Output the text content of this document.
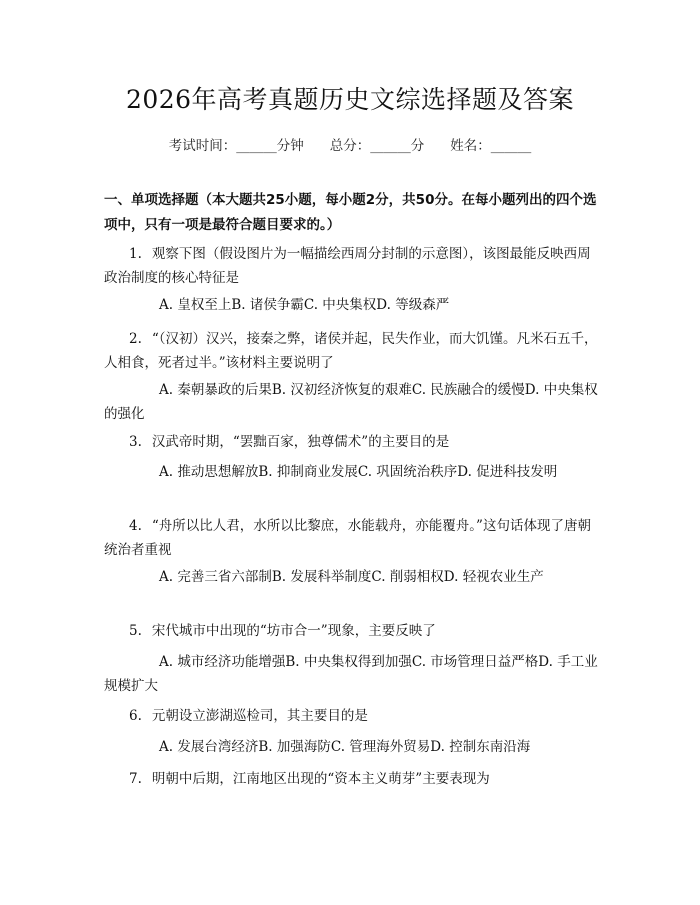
2026年高考真题历史文综选择题及答案
考试时间：______分钟 总分：______分 姓名：______
一、单项选择题（本大题共25小题，每小题2分，共50分。在每小题列出的四个选项中，只有一项是最符合题目要求的。）
1. 观察下图（假设图片为一幅描绘西周分封制的示意图），该图最能反映西周政治制度的核心特征是
A. 皇权至上B. 诸侯争霸C. 中央集权D. 等级森严
2. “（汉初）汉兴，接秦之弊，诸侯并起，民失作业，而大饥馑。凡米石五千，人相食，死者过半。”该材料主要说明了
A. 秦朝暴政的后果B. 汉初经济恢复的艰难C. 民族融合的缓慢D. 中央集权的强化
3. 汉武帝时期，“罢黜百家，独尊儒术”的主要目的是
A. 推动思想解放B. 抑制商业发展C. 巩固统治秩序D. 促进科技发明
4. “舟所以比人君，水所以比黎庶，水能载舟，亦能覆舟。”这句话体现了唐朝统治者重视
A. 完善三省六部制B. 发展科举制度C. 削弱相权D. 轻视农业生产
5. 宋代城市中出现的“坊市合一”现象，主要反映了
A. 城市经济功能增强B. 中央集权得到加强C. 市场管理日益严格D. 手工业规模扩大
6. 元朝设立澎湖巡检司，其主要目的是
A. 发展台湾经济B. 加强海防C. 管理海外贸易D. 控制东南沿海
7. 明朝中后期，江南地区出现的“资本主义萌芽”主要表现为
